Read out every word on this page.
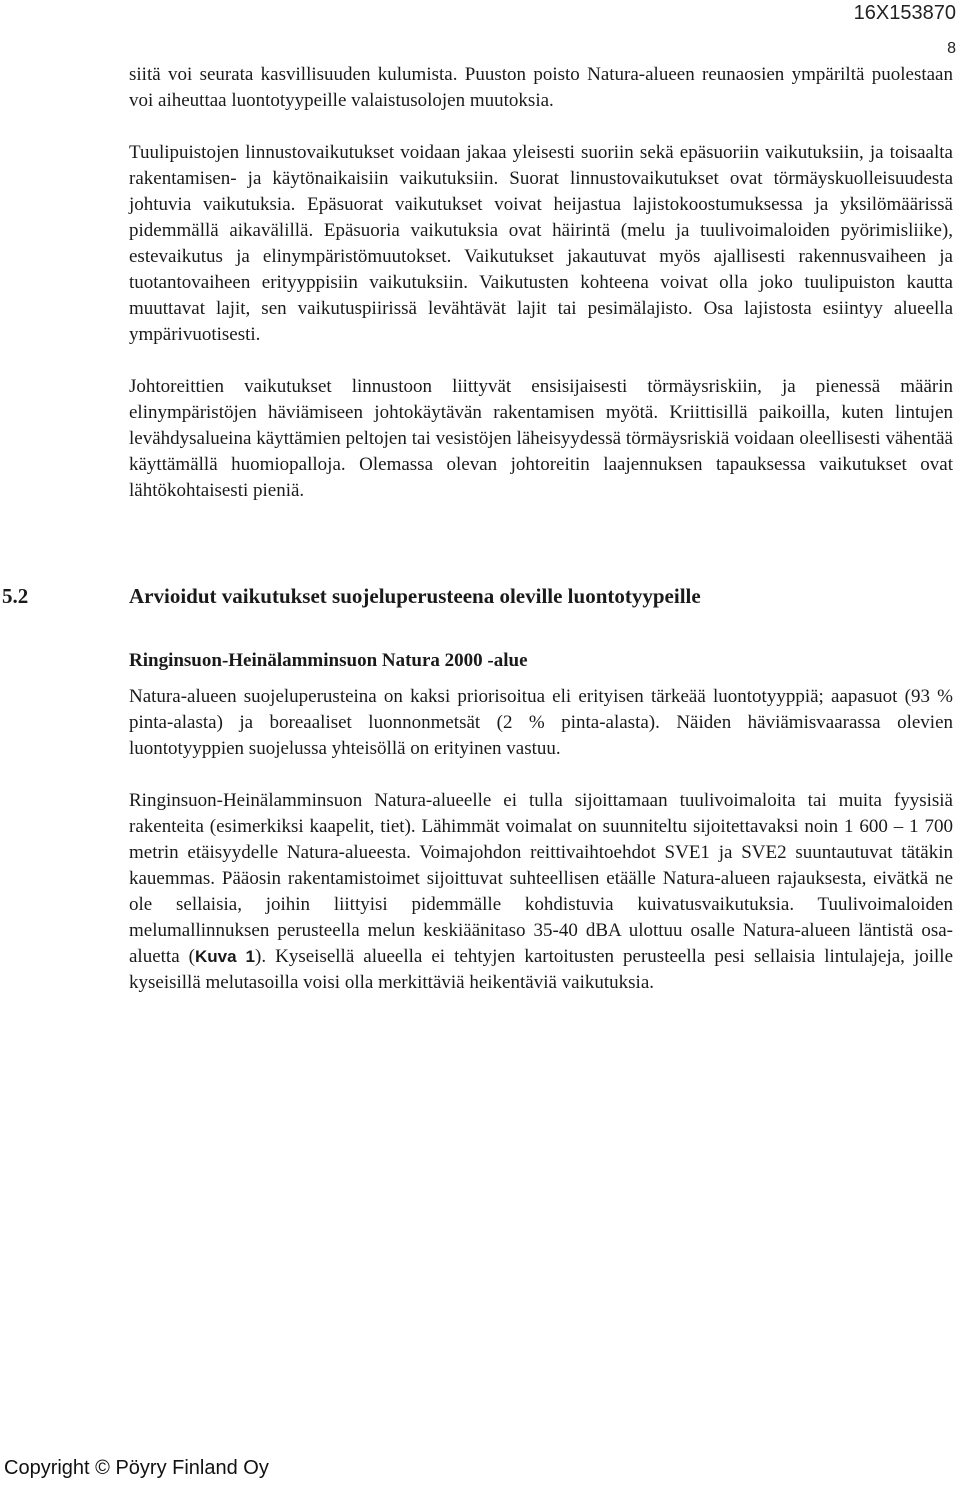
16X153870
8

siitä voi seurata kasvillisuuden kulumista. Puuston poisto Natura-alueen reunaosien ympäriltä puolestaan voi aiheuttaa luontotyypeille valaistusolojen muutoksia.

Tuulipuistojen linnustovaikutukset voidaan jakaa yleisesti suoriin sekä epäsuoriin vaikutuksiin, ja toisaalta rakentamisen- ja käytönaikaisiin vaikutuksiin. Suorat linnustovaikutukset ovat törmäyskuolleisuudesta johtuvia vaikutuksia. Epäsuorat vaikutukset voivat heijastua lajistokoostumuksessa ja yksilömäärissä pidemmällä aikavälillä. Epäsuoria vaikutuksia ovat häirintä (melu ja tuulivoimaloiden pyörimisliike), estevaikutus ja elinympäristömuutokset. Vaikutukset jakautuvat myös ajallisesti rakennusvaiheen ja tuotantovaiheen erityyppisiin vaikutuksiin. Vaikutusten kohteena voivat olla joko tuulipuiston kautta muuttavat lajit, sen vaikutuspiirissä levähtävät lajit tai pesimälajisto. Osa lajistosta esiintyy alueella ympärivuotisesti.

Johtoreittien vaikutukset linnustoon liittyvät ensisijaisesti törmäysriskiin, ja pienessä määrin elinympäristöjen häviämiseen johtokäytävän rakentamisen myötä. Kriittisillä paikoilla, kuten lintujen levähdysalueina käyttämien peltojen tai vesistöjen läheisyydessä törmäysriskiä voidaan oleellisesti vähentää käyttämällä huomiopalloja. Olemassa olevan johtoreitin laajennuksen tapauksessa vaikutukset ovat lähtökohtaisesti pieniä.

5.2	Arvioidut vaikutukset suojeluperusteena oleville luontotyypeille

Ringinsuon-Heinälamminsuon Natura 2000 -alue

Natura-alueen suojeluperusteina on kaksi priorisoitua eli erityisen tärkeää luontotyyppiä; aapasuot (93 % pinta-alasta) ja boreaaliset luonnonmetsät (2 % pinta-alasta). Näiden häviämisvaarassa olevien luontotyyppien suojelussa yhteisöllä on erityinen vastuu.

Ringinsuon-Heinälamminsuon Natura-alueelle ei tulla sijoittamaan tuulivoimaloita tai muita fyysisiä rakenteita (esimerkiksi kaapelit, tiet). Lähimmät voimalat on suunniteltu sijoitettavaksi noin 1 600 – 1 700 metrin etäisyydelle Natura-alueesta. Voimajohdon reittivaihtoehdot SVE1 ja SVE2 suuntautuvat tätäkin kauemmas. Pääosin rakentamistoimet sijoittuvat suhteellisen etäälle Natura-alueen rajauksesta, eivätkä ne ole sellaisia, joihin liittyisi pidemmälle kohdistuvia kuivatusvaikutuksia. Tuulivoimaloiden melumallinnuksen perusteella melun keskiäänitaso 35-40 dBA ulottuu osalle Natura-alueen läntistä osa-aluetta (Kuva 1). Kyseisellä alueella ei tehtyjen kartoitusten perusteella pesi sellaisia lintulajeja, joille kyseisillä melutasoilla voisi olla merkittäviä heikentäviä vaikutuksia.

Copyright © Pöyry Finland Oy
